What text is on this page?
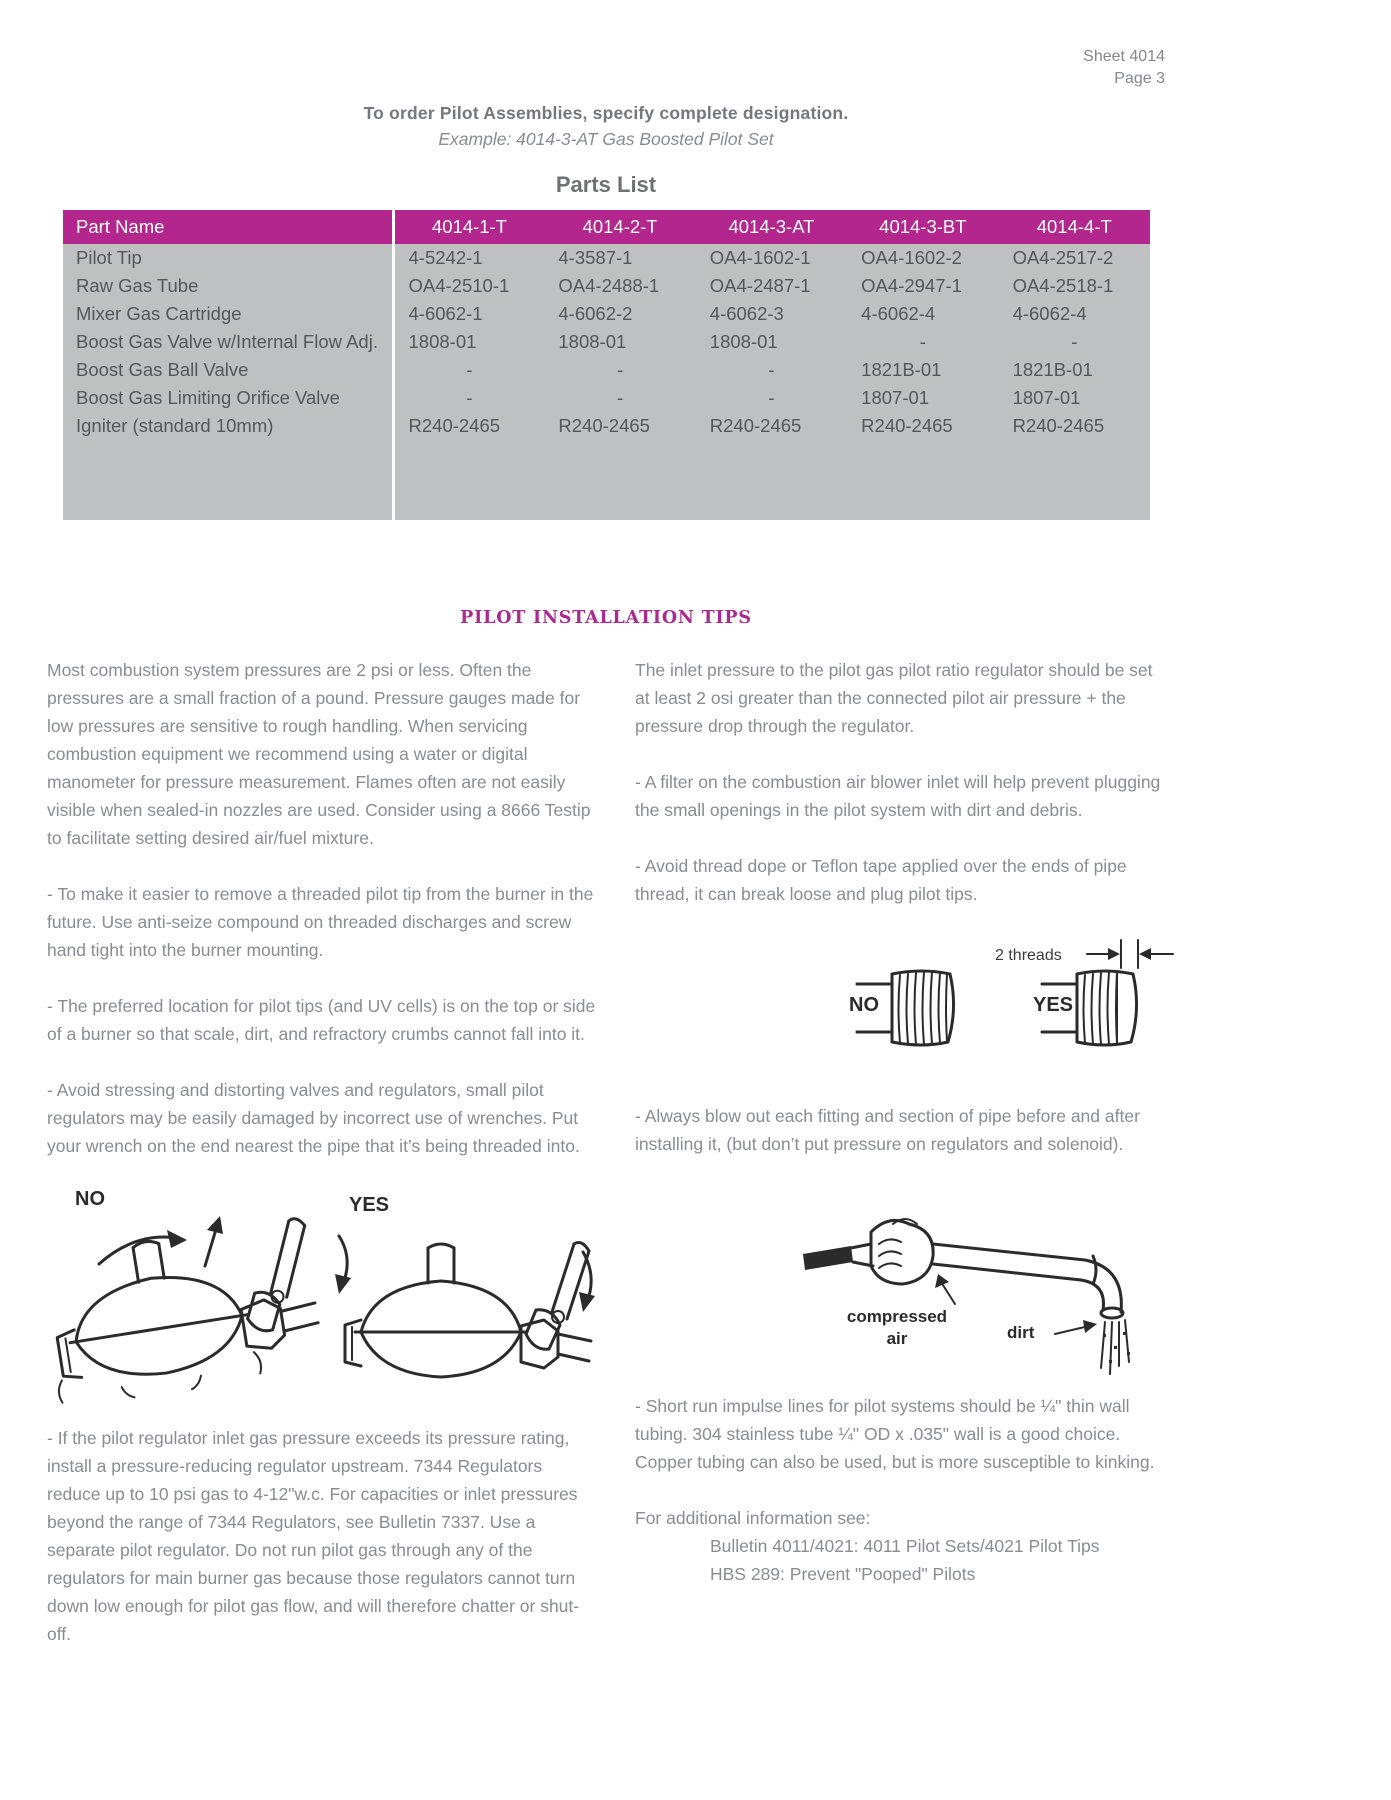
Sheet 4014
Page 3
To order Pilot Assemblies, specify complete designation.
Example: 4014-3-AT Gas Boosted Pilot Set
Parts List
Part Name	4014-1-T	4014-2-T	4014-3-AT	4014-3-BT	4014-4-T
Pilot Tip	4-5242-1	4-3587-1	OA4-1602-1	OA4-1602-2	OA4-2517-2
Raw Gas Tube	OA4-2510-1	OA4-2488-1	OA4-2487-1	OA4-2947-1	OA4-2518-1
Mixer Gas Cartridge	4-6062-1	4-6062-2	4-6062-3	4-6062-4	4-6062-4
Boost Gas Valve w/Internal Flow Adj.	1808-01	1808-01	1808-01	-	-
Boost Gas Ball Valve	-	-	-	1821B-01	1821B-01
Boost Gas Limiting Orifice Valve	-	-	-	1807-01	1807-01
Igniter (standard 10mm)	R240-2465	R240-2465	R240-2465	R240-2465	R240-2465

PILOT INSTALLATION TIPS

Most combustion system pressures are 2 psi or less. Often the pressures are a small fraction of a pound. Pressure gauges made for low pressures are sensitive to rough handling. When servicing combustion equipment we recommend using a water or digital manometer for pressure measurement. Flames often are not easily visible when sealed-in nozzles are used. Consider using a 8666 Testip to facilitate setting desired air/fuel mixture.

- To make it easier to remove a threaded pilot tip from the burner in the future. Use anti-seize compound on threaded discharges and screw hand tight into the burner mounting.

- The preferred location for pilot tips (and UV cells) is on the top or side of a burner so that scale, dirt, and refractory crumbs cannot fall into it.

- Avoid stressing and distorting valves and regulators, small pilot regulators may be easily damaged by incorrect use of wrenches. Put your wrench on the end nearest the pipe that it’s being threaded into.

NO	YES

- If the pilot regulator inlet gas pressure exceeds its pressure rating, install a pressure-reducing regulator upstream. 7344 Regulators reduce up to 10 psi gas to 4-12"w.c. For capacities or inlet pressures beyond the range of 7344 Regulators, see Bulletin 7337. Use a separate pilot regulator. Do not run pilot gas through any of the regulators for main burner gas because those regulators cannot turn down low enough for pilot gas flow, and will therefore chatter or shut-off.

The inlet pressure to the pilot gas pilot ratio regulator should be set at least 2 osi greater than the connected pilot air pressure + the pressure drop through the regulator.

- A filter on the combustion air blower inlet will help prevent plugging the small openings in the pilot system with dirt and debris.

- Avoid thread dope or Teflon tape applied over the ends of pipe thread, it can break loose and plug pilot tips.

NO	YES
2 threads

- Always blow out each fitting and section of pipe before and after installing it, (but don’t put pressure on regulators and solenoid).

compressed
air	dirt

- Short run impulse lines for pilot systems should be ¼" thin wall tubing. 304 stainless tube ¼" OD x .035" wall is a good choice. Copper tubing can also be used, but is more susceptible to kinking.

For additional information see:

Bulletin 4011/4021: 4011 Pilot Sets/4021 Pilot Tips

HBS 289: Prevent "Pooped" Pilots
